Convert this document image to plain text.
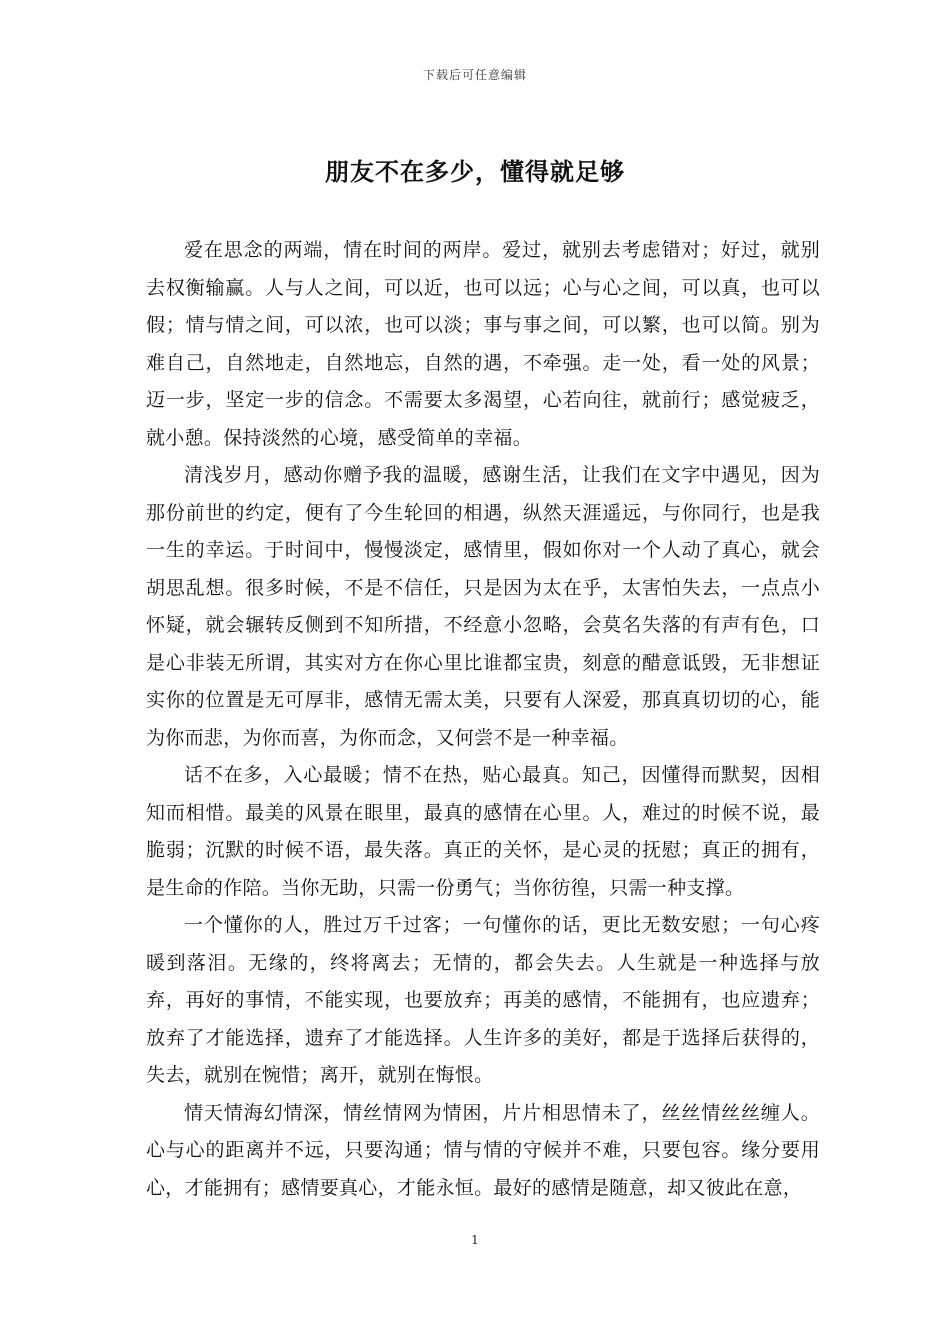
下载后可任意编辑
朋友不在多少，懂得就足够

爱在思念的两端，情在时间的两岸。爱过，就别去考虑错对；好过，就别去权衡输赢。人与人之间，可以近，也可以远；心与心之间，可以真，也可以假；情与情之间，可以浓，也可以淡；事与事之间，可以繁，也可以简。别为难自己，自然地走，自然地忘，自然的遇，不牵强。走一处，看一处的风景；迈一步，坚定一步的信念。不需要太多渴望，心若向往，就前行；感觉疲乏，就小憩。保持淡然的心境，感受简单的幸福。

清浅岁月，感动你赠予我的温暖，感谢生活，让我们在文字中遇见，因为那份前世的约定，便有了今生轮回的相遇，纵然天涯遥远，与你同行，也是我一生的幸运。于时间中，慢慢淡定，感情里，假如你对一个人动了真心，就会胡思乱想。很多时候，不是不信任，只是因为太在乎，太害怕失去，一点点小怀疑，就会辗转反侧到不知所措，不经意小忽略，会莫名失落的有声有色，口是心非装无所谓，其实对方在你心里比谁都宝贵，刻意的醋意诋毁，无非想证实你的位置是无可厚非，感情无需太美，只要有人深爱，那真真切切的心，能为你而悲，为你而喜，为你而念，又何尝不是一种幸福。

话不在多，入心最暖；情不在热，贴心最真。知己，因懂得而默契，因相知而相惜。最美的风景在眼里，最真的感情在心里。人，难过的时候不说，最脆弱；沉默的时候不语，最失落。真正的关怀，是心灵的抚慰；真正的拥有，是生命的作陪。当你无助，只需一份勇气；当你彷徨，只需一种支撑。

一个懂你的人，胜过万千过客；一句懂你的话，更比无数安慰；一句心疼暖到落泪。无缘的，终将离去；无情的，都会失去。人生就是一种选择与放弃，再好的事情，不能实现，也要放弃；再美的感情，不能拥有，也应遗弃；放弃了才能选择，遗弃了才能选择。人生许多的美好，都是于选择后获得的，失去，就别在惋惜；离开，就别在悔恨。

情天情海幻情深，情丝情网为情困，片片相思情未了，丝丝情丝丝缠人。心与心的距离并不远，只要沟通；情与情的守候并不难，只要包容。缘分要用心，才能拥有；感情要真心，才能永恒。最好的感情是随意，却又彼此在意，

1
